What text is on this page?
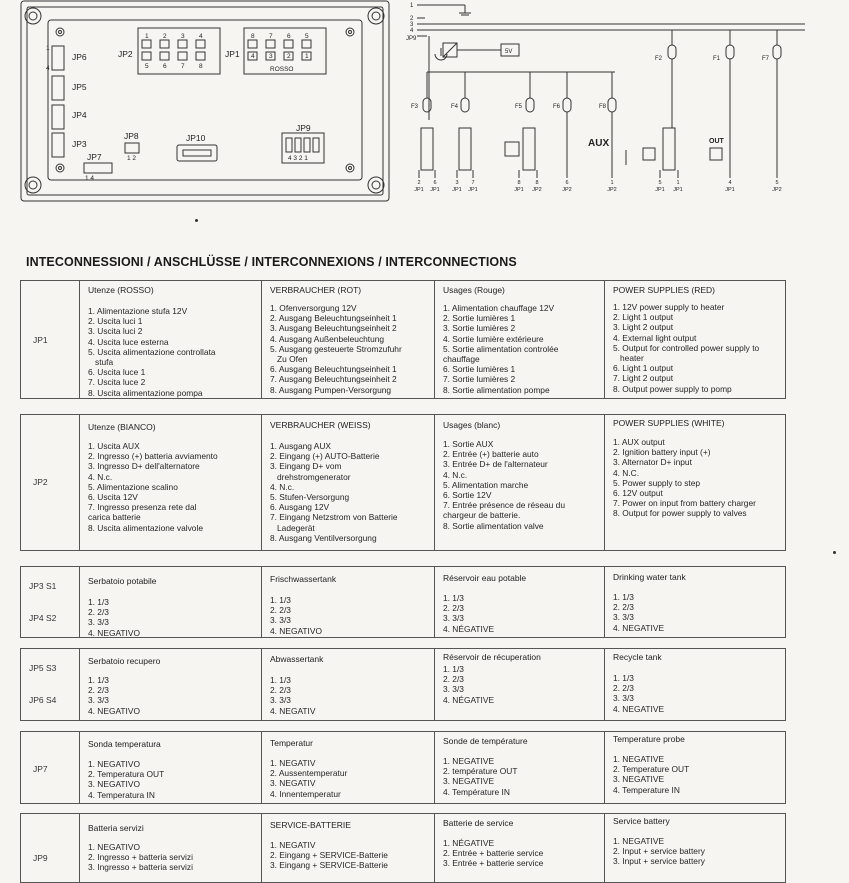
JP6
JP5
JP4
JP3
JP2	JP1
JP8	JP10
JP9
JP7
1
4
1 2 3 4
5 6 7 8
8 7 6 5
4 3 2 1
ROSSO
1 2	4 3 2 1
1 4
1
2
3
4
JP9
5V
F3	F4	F5	F6	F8
F2	F1	F7
AUX	OUT
2
JP1
6
JP1
3
JP1
7
JP1
8
JP1
8
JP2
6
JP2
1
JP2
5
JP1
1
JP1
4
JP1
5
JP2
INTECONNESSIONI / ANSCHLÜSSE / INTERCONNEXIONS / INTERCONNECTIONS
JP1
Utenze (ROSSO)
1. Alimentazione stufa 12V
2. Uscita luci 1
3. Uscita luci 2
4. Uscita luce esterna
5. Uscita alimentazione controllata
stufa
6. Uscita luce 1
7. Uscita luce 2
8. Uscita alimentazione pompa
VERBRAUCHER (ROT)
1. Ofenversorgung 12V
2. Ausgang Beleuchtungseinheit 1
3. Ausgang Beleuchtungseinheit 2
4. Ausgang Außenbeleuchtung
5. Ausgang gesteuerte Stromzufuhr
Zu Ofen
6. Ausgang Beleuchtungseinheit 1
7. Ausgang Beleuchtungseinheit 2
8. Ausgang Pumpen-Versorgung
Usages (Rouge)
1. Alimentation chauffage 12V
2. Sortie lumières 1
3. Sortie lumières 2
4. Sortie lumière extérieure
5. Sortie alimentation controlée
chauffage
6. Sortie lumières 1
7. Sortie lumières 2
8. Sortie alimentation pompe
POWER SUPPLIES (RED)
1. 12V power supply to heater
2. Light 1 output
3. Light 2 output
4. External light output
5. Output for controlled power supply to
heater
6. Light 1 output
7. Light 2 output
8. Output power supply to pomp
JP2
Utenze (BIANCO)
1. Uscita AUX
2. Ingresso (+) batteria avviamento
3. Ingresso D+ dell'alternatore
4. N.c.
5. Alimentazione scalino
6. Uscita 12V
7. Ingresso presenza rete dal
carica batterie
8. Uscita alimentazione valvole
VERBRAUCHER (WEISS)
1. Ausgang AUX
2. Eingang (+) AUTO-Batterie
3. Eingang D+ vom
drehstromgenerator
4. N.c.
5. Stufen-Versorgung
6. Ausgang 12V
7. Eingang Netzstrom von Batterie
Ladegerät
8. Ausgang Ventilversorgung
Usages (blanc)
1. Sortie AUX
2. Entrée (+) batterie auto
3. Entrée D+ de l'alternateur
4. N.c.
5. Alimentation marche
6. Sortie 12V
7. Entrée présence de réseau du
chargeur de batterie.
8. Sortie alimentation valve
POWER SUPPLIES (WHITE)
1. AUX output
2. Ignition battery input (+)
3. Alternator D+ input
4. N.C.
5. Power supply to step
6. 12V output
7. Power on input from battery charger
8. Output for power supply to valves
JP3 S1
JP4 S2
Serbatoio potabile
1. 1/3
2. 2/3
3. 3/3
4. NEGATIVO
Frischwassertank
1. 1/3
2. 2/3
3. 3/3
4. NEGATIVO
Réservoir eau potable
1. 1/3
2. 2/3
3. 3/3
4. NÉGATIVE
Drinking water tank
1. 1/3
2. 2/3
3. 3/3
4. NEGATIVE
JP5 S3
JP6 S4
Serbatoio recupero
1. 1/3
2. 2/3
3. 3/3
4. NEGATIVO
Abwassertank
1. 1/3
2. 2/3
3. 3/3
4. NEGATIV
Réservoir de récuperation
1. 1/3
2. 2/3
3. 3/3
4. NÉGATIVE
Recycle tank
1. 1/3
2. 2/3
3. 3/3
4. NEGATIVE
JP7
Sonda temperatura
1. NEGATIVO
2. Temperatura OUT
3. NEGATIVO
4. Temperatura IN
Temperatur
1. NEGATIV
2. Aussentemperatur
3. NEGATIV
4. Innentemperatur
Sonde de température
1. NEGATIVE
2. température OUT
3. NEGATIVE
4. Température IN
Temperature probe
1. NEGATIVE
2. Temperature OUT
3. NEGATIVE
4. Temperature IN
JP9
Batteria servizi
1. NEGATIVO
2. Ingresso + batteria servizi
3. Ingresso + batteria servizi
SERVICE-BATTERIE
1. NEGATIV
2. Eingang + SERVICE-Batterie
3. Eingang + SERVICE-Batterie
Batterie de service
1. NÉGATIVE
2. Entrée + batterie service
3. Entrée + batterie service
Service battery
1. NEGATIVE
2. Input + service battery
3. Input + service battery
